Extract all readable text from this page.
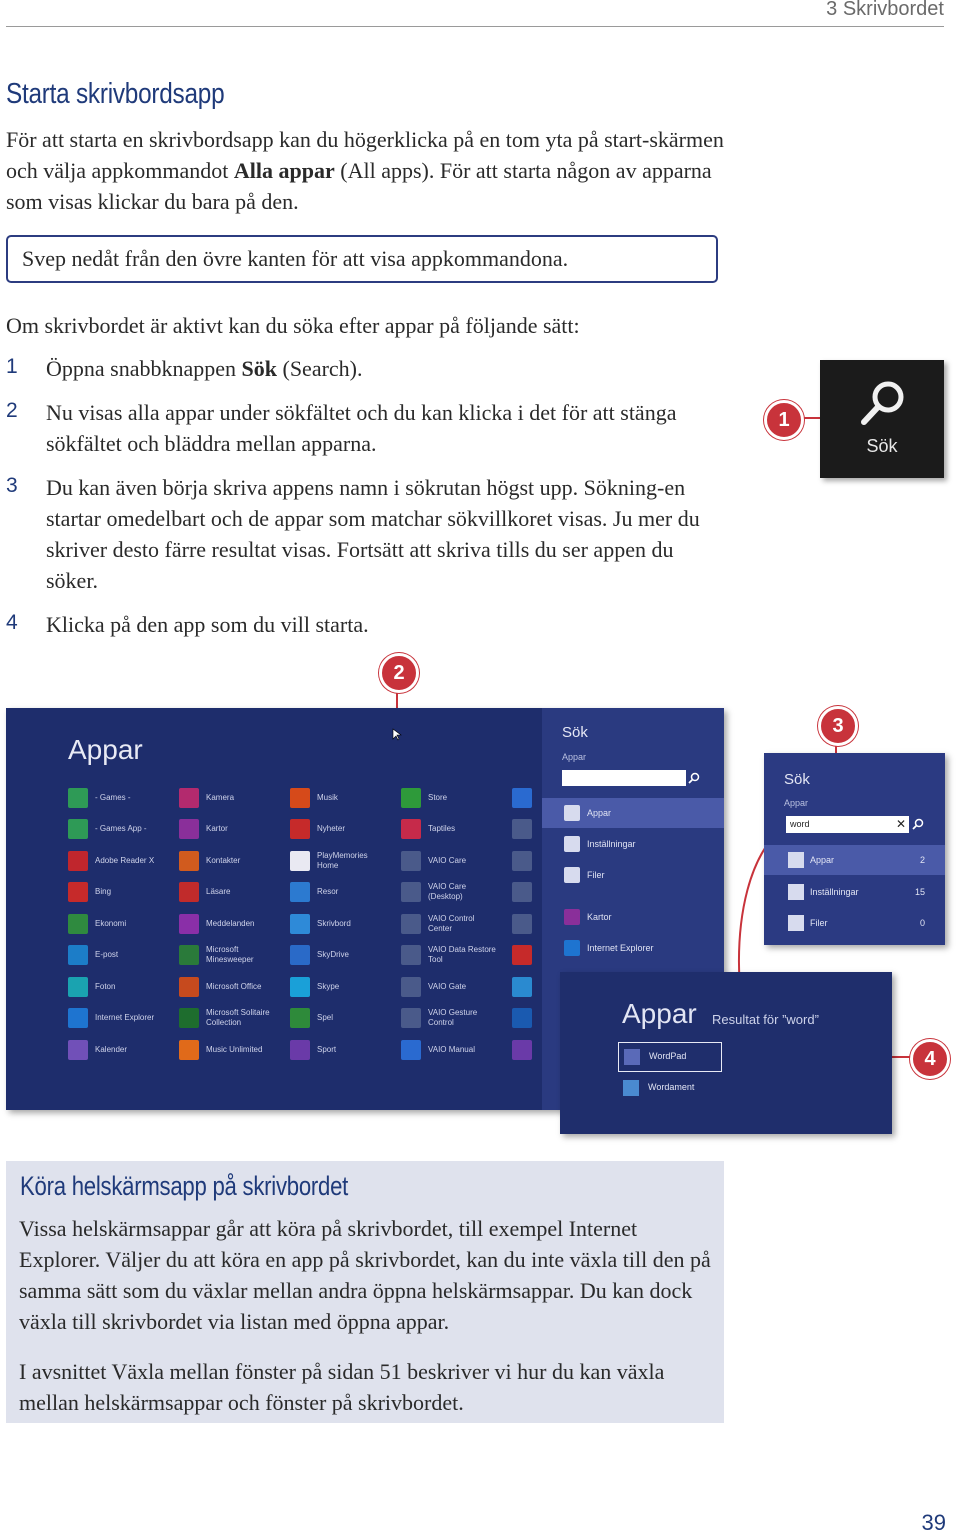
3 Skrivbordet
Starta skrivbordsapp

För att starta en skrivbordsapp kan du högerklicka på en tom yta på start-skärmen och välja appkommandot Alla appar (All apps). För att starta någon av apparna som visas klickar du bara på den.

Svep nedåt från den övre kanten för att visa appkommandona.

Om skrivbordet är aktivt kan du söka efter appar på följande sätt:

1 Öppna snabbknappen Sök (Search).

2 Nu visas alla appar under sökfältet och du kan klicka i det för att stänga sökfältet och bläddra mellan apparna.

3 Du kan även börja skriva appens namn i sökrutan högst upp. Sökning-en startar omedelbart och de appar som matchar sökvillkoret visas. Ju mer du skriver desto färre resultat visas. Fortsätt att skriva tills du ser appen du söker.

4 Klicka på den app som du vill starta.

1
Sök
2
3
Appar
- Games -
- Games App -
Adobe Reader X
Bing
Ekonomi
E-post
Foton
Internet Explorer
Kalender
Kamera
Kartor
Kontakter
Läsare
Meddelanden
Microsoft Minesweeper
Microsoft Office
Microsoft Solitaire Collection
Music Unlimited
Musik
Nyheter
PlayMemories Home
Resor
Skrivbord
SkyDrive
Skype
Spel
Sport
Store
Taptiles
VAIO Care
VAIO Care (Desktop)
VAIO Control Center
VAIO Data Restore Tool
VAIO Gate
VAIO Gesture Control
VAIO Manual
Sök
Appar
Appar
Inställningar
Filer
Kartor
Internet Explorer
Sök
Appar
word	✕
Appar	2
Inställningar	15
Filer	0
Appar Resultat för ”word”
WordPad
Wordament
4
Köra helskärmsapp på skrivbordet

Vissa helskärmsappar går att köra på skrivbordet, till exempel Internet Explorer. Väljer du att köra en app på skrivbordet, kan du inte växla till den på samma sätt som du växlar mellan andra öppna helskärmsappar. Du kan dock växla till skrivbordet via listan med öppna appar.

I avsnittet Växla mellan fönster på sidan 51 beskriver vi hur du kan växla mellan helskärmsappar och fönster på skrivbordet.

39
